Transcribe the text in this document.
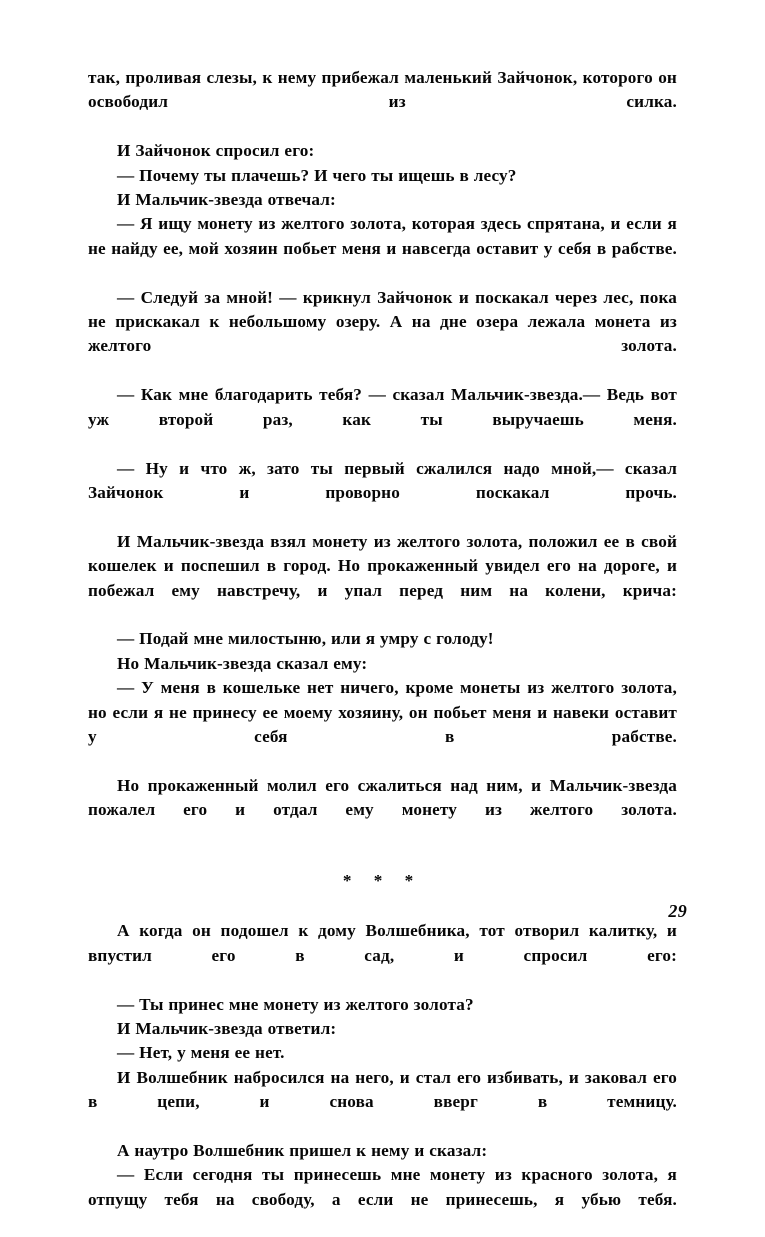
так, проливая слезы, к нему прибежал маленький Зайчонок, которого он освободил из силка.

И Зайчонок спросил его:

— Почему ты плачешь? И чего ты ищешь в лесу?

И Мальчик-звезда отвечал:

— Я ищу монету из желтого золота, которая здесь спрятана, и если я не найду ее, мой хозяин побьет меня и навсегда оставит у себя в рабстве.

— Следуй за мной! — крикнул Зайчонок и поскакал через лес, пока не прискакал к небольшому озеру. А на дне озера лежала монета из желтого золота.

— Как мне благодарить тебя? — сказал Мальчик-звезда.— Ведь вот уж второй раз, как ты выручаешь меня.

— Ну и что ж, зато ты первый сжалился надо мной,— сказал Зайчонок и проворно поскакал прочь.

И Мальчик-звезда взял монету из желтого золота, положил ее в свой кошелек и поспешил в город. Но прокаженный увидел его на дороге, и побежал ему навстречу, и упал перед ним на колени, крича:

— Подай мне милостыню, или я умру с голоду!

Но Мальчик-звезда сказал ему:

— У меня в кошельке нет ничего, кроме монеты из желтого золота, но если я не принесу ее моему хозяину, он побьет меня и навеки оставит у себя в рабстве.

Но прокаженный молил его сжалиться над ним, и Мальчик-звезда пожалел его и отдал ему монету из желтого золота.

* * *

А когда он подошел к дому Волшебника, тот отворил калитку, и впустил его в сад, и спросил его:

— Ты принес мне монету из желтого золота?

И Мальчик-звезда ответил:

— Нет, у меня ее нет.

И Волшебник набросился на него, и стал его избивать, и заковал его в цепи, и снова вверг в темницу.

А наутро Волшебник пришел к нему и сказал:

— Если сегодня ты принесешь мне монету из красного золота, я отпущу тебя на свободу, а если не принесешь, я убью тебя.

29
